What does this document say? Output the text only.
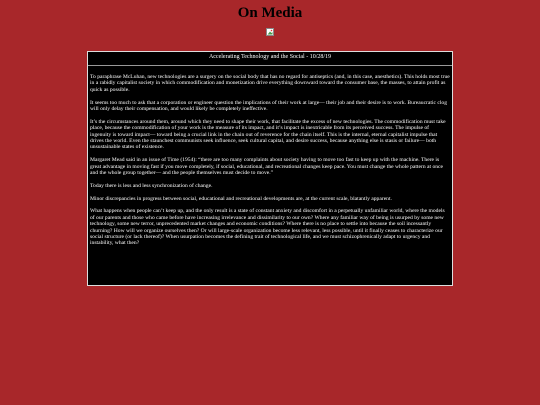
On Media
Accelerating Technology and the Social - 10/28/19

To paraphrase McLuhan, new technologies are a surgery on the social body that has no regard for antiseptics (and, in this case, anesthetics). This holds most true in a rabidly capitalist society in which commodification and monetization drive everything downward toward the consumer base, the masses, to attain profit as quick as possible.

It seems too much to ask that a corporation or engineer question the implications of their work at large— their job and their desire is to work. Bureaucratic clog will only delay their compensation, and would likely be completely ineffective.

It’s the circumstances around them, around which they need to shape their work, that facilitate the excess of new technologies. The commodification must take place, because the commodification of your work is the measure of its impact, and it’s impact is inextricable from its perceived success. The impulse of ingenuity is toward impact— toward being a crucial link in the chain out of reverence for the chain itself. This is the internal, eternal capitalist impulse that drives the world. Even the staunchest communists seek influence, seek cultural capital, and desire success, because anything else is stasis or failure— both unsustainable states of existence.

Margaret Mead said in an issue of Time (1954): “there are too many complaints about society having to move too fast to keep up with the machine. There is great advantage in moving fast if you move completely, if social, educational, and recreational changes keep pace. You must change the whole pattern at once and the whole group together— and the people themselves must decide to move.”

Today there is less and less synchronization of change.

Minor discrepancies in progress between social, educational and recreational developments are, at the current scale, blatantly apparent.

What happens when people can’t keep up, and the only result is a state of constant anxiety and discomfort in a perpetually unfamiliar world, where the models of our parents and those who came before have increasing irrelevance and dissimilarity to our own? Where any familiar way of being is usurped by some new technology, some new terror, unprecedented market changes and economic conditions? Where there is no place to settle into because the soil incessantly churning? How will we organize ourselves then? Or will large-scale organization become less relevant, less possible, until it finally ceases to characterize our social structure (or lack thereof)? When usurpation becomes the defining trait of technological life, and we must schizophrenically adapt to urgency and instability, what then?
